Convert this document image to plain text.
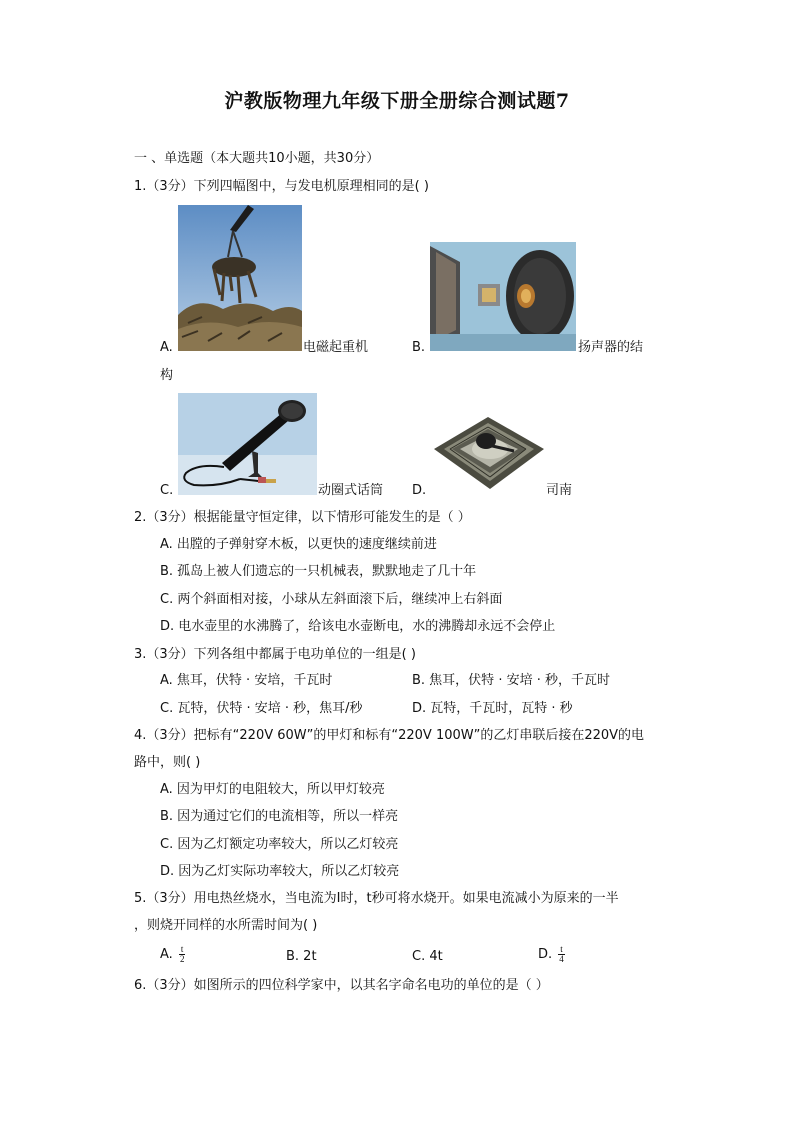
沪教版物理九年级下册全册综合测试题7
一 、单选题（本大题共10小题，共30分）
1.（3分）下列四幅图中，与发电机原理相同的是( )
A.	电磁起重机	B.	扬声器的结
构
C.	动圈式话筒 D.	司南
2.（3分）根据能量守恒定律，以下情形可能发生的是（ ）
A. 出膛的子弹射穿木板，以更快的速度继续前进
B. 孤岛上被人们遗忘的一只机械表，默默地走了几十年
C. 两个斜面相对接，小球从左斜面滚下后，继续冲上右斜面
D. 电水壶里的水沸腾了，给该电水壶断电，水的沸腾却永远不会停止
3.（3分）下列各组中都属于电功单位的一组是( )
A. 焦耳，伏特 · 安培，千瓦时	B. 焦耳，伏特 · 安培 · 秒，千瓦时
C. 瓦特，伏特 · 安培 · 秒，焦耳/秒	D. 瓦特，千瓦时，瓦特 · 秒
4.（3分）把标有“220V 60W”的甲灯和标有“220V 100W”的乙灯串联后接在220V的电
路中，则( )
A. 因为甲灯的电阻较大，所以甲灯较亮
B. 因为通过它们的电流相等，所以一样亮
C. 因为乙灯额定功率较大，所以乙灯较亮
D. 因为乙灯实际功率较大，所以乙灯较亮
5.（3分）用电热丝烧水，当电流为I时，t秒可将水烧开。如果电流减小为原来的一半
，则烧开同样的水所需时间为( )
A. $\frac{t}{2}$	B. 2t	C. 4t	D. $\frac{t}{4}$
6.（3分）如图所示的四位科学家中，以其名字命名电功的单位的是（ ）
